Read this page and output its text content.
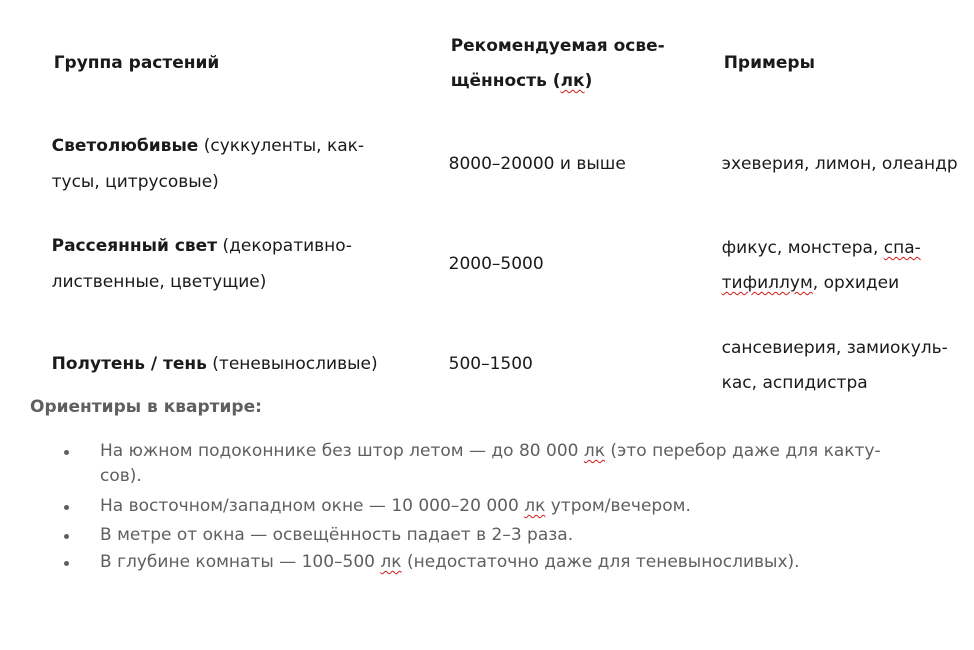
Группа растений

Рекомендуемая осве-

щённость (лк)

Примеры

Светолюбивые (суккуленты, как-

тусы, цитрусовые)

8000–20000 и выше
	эхеверия, лимон, олеандр

Рассеянный свет (декоративно-

лиственные, цветущие)

2000–5000

фикус, монстера, спа-

тифиллум, орхидеи

Полутень / тень (теневыносливые)
	500–1500

сансевиерия, замиокуль-

кас, аспидистра

Ориентиры в квартире:

На южном подоконнике без штор летом — до 80 000 лк (это перебор даже для какту-

сов).

На восточном/западном окне — 10 000–20 000 лк утром/вечером.

В метре от окна — освещённость падает в 2–3 раза.

В глубине комнаты — 100–500 лк (недостаточно даже для теневыносливых).
